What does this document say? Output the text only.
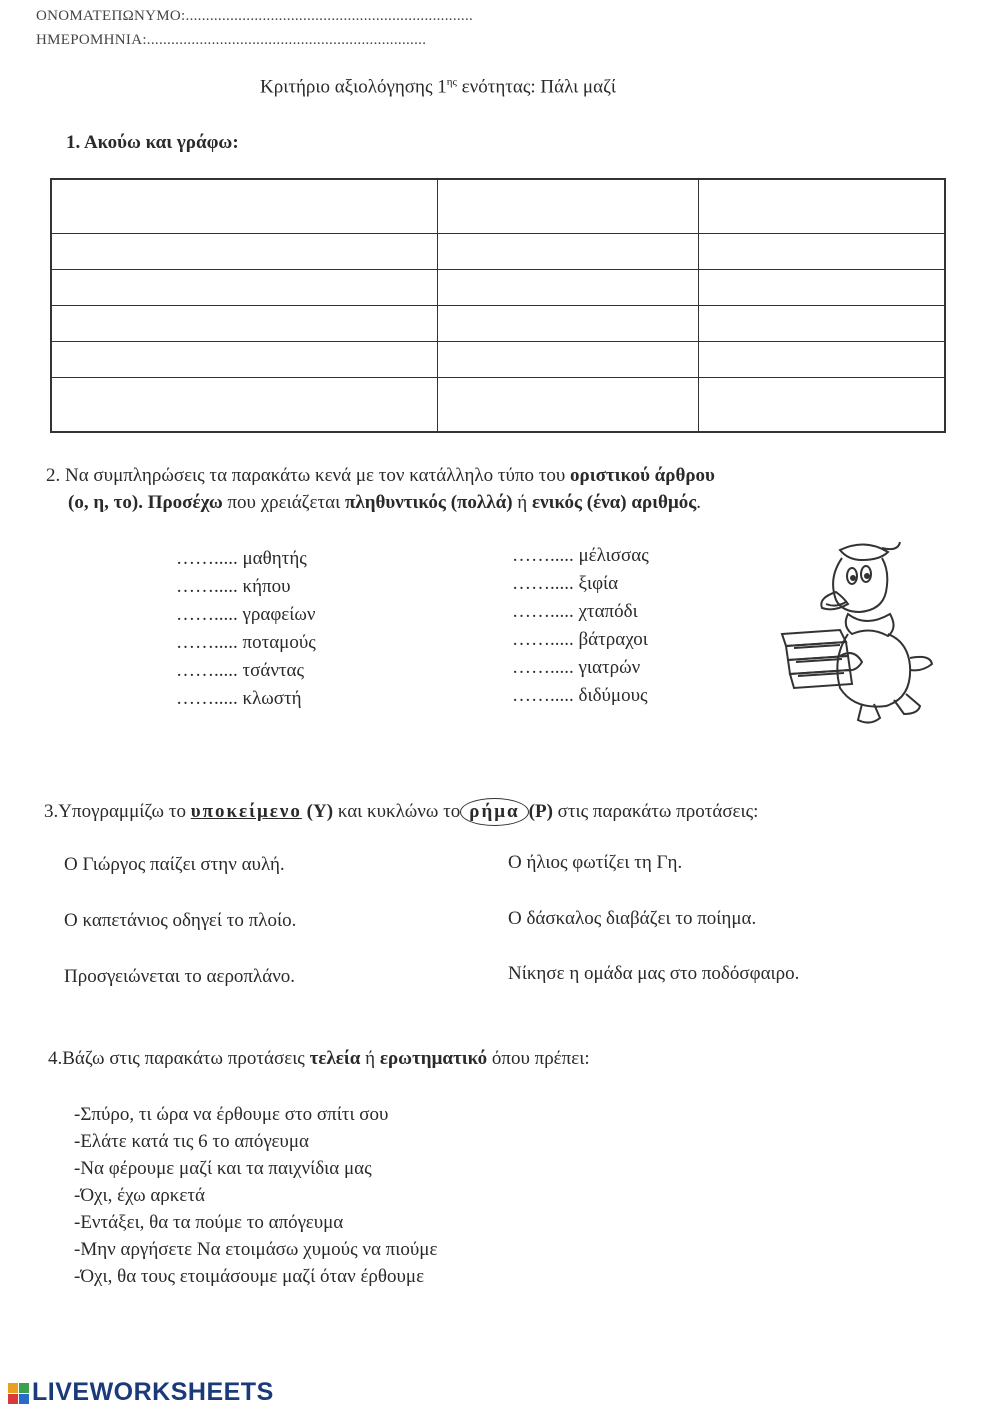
ΟΝΟΜΑΤΕΠΩΝΥΜΟ:.......................................................................
ΗΜΕΡΟΜΗΝΙΑ:.....................................................................
Κριτήριο αξιολόγησης $1^{\eta\varsigma}$ ενότητας: Πάλι μαζί
1. Ακούω και γράφω:

2. Να συμπληρώσεις τα παρακάτω κενά με τον κατάλληλο τύπο του οριστικού άρθρου
(ο, η, το). Προσέχω που χρειάζεται πληθυντικός (πολλά) ή ενικός (ένα) αριθμός.
……..... μαθητής
……..... κήπου
……..... γραφείων
……..... ποταμούς
……..... τσάντας
……..... κλωστή
……..... μέλισσας
……..... ξιφία
……..... χταπόδι
……..... βάτραχοι
……..... γιατρών
……..... διδύμους
3.Υπογραμμίζω το υποκείμενο (Υ) και κυκλώνω το ρήμα (Ρ) στις παρακάτω προτάσεις:
Ο Γιώργος παίζει στην αυλή.
Ο καπετάνιος οδηγεί το πλοίο.
Προσγειώνεται το αεροπλάνο.
Ο ήλιος φωτίζει τη Γη.
Ο δάσκαλος διαβάζει το ποίημα.
Νίκησε η ομάδα μας στο ποδόσφαιρο.
4.Βάζω στις παρακάτω προτάσεις τελεία ή ερωτηματικό όπου πρέπει:
-Σπύρο, τι ώρα να έρθουμε στο σπίτι σου
-Ελάτε κατά τις 6 το απόγευμα
-Να φέρουμε μαζί και τα παιχνίδια μας
-Όχι, έχω αρκετά
-Εντάξει, θα τα πούμε το απόγευμα
-Μην αργήσετε Να ετοιμάσω χυμούς να πιούμε
-Όχι, θα τους ετοιμάσουμε μαζί όταν έρθουμε
LIVEWORKSHEETS
